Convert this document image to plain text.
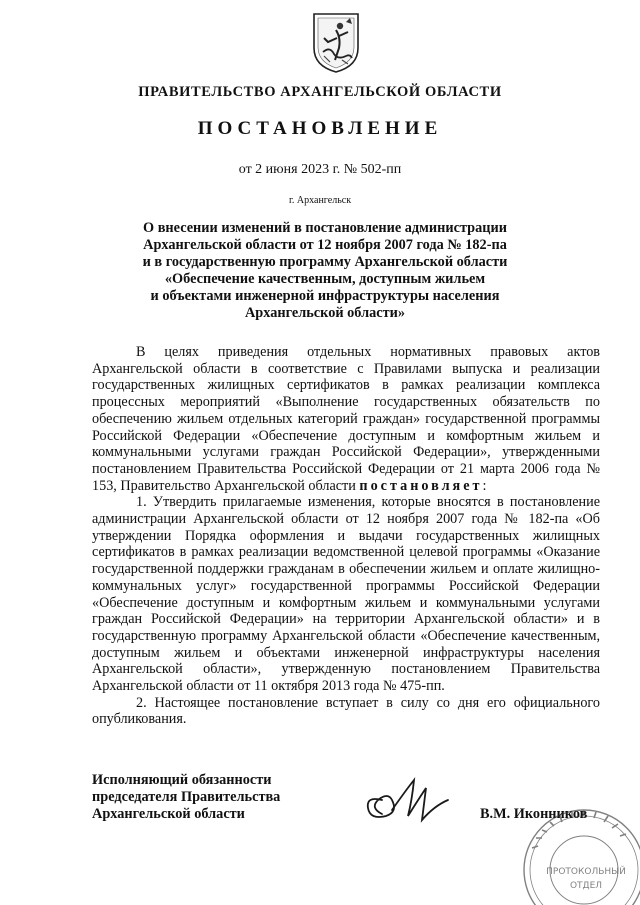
ПРАВИТЕЛЬСТВО АРХАНГЕЛЬСКОЙ ОБЛАСТИ
ПОСТАНОВЛЕНИЕ
от 2 июня 2023 г. № 502-пп
г. Архангельск
О внесении изменений в постановление администрации
Архангельской области от 12 ноября 2007 года № 182-па
и в государственную программу Архангельской области
«Обеспечение качественным, доступным жильем
и объектами инженерной инфраструктуры населения
Архангельской области»

В целях приведения отдельных нормативных правовых актов Архангельской области в соответствие с Правилами выпуска и реализации государственных жилищных сертификатов в рамках реализации комплекса процессных мероприятий «Выполнение государственных обязательств по обеспечению жильем отдельных категорий граждан» государственной программы Российской Федерации «Обеспечение доступным и комфортным жильем и коммунальными услугами граждан Российской Федерации», утвержденными постановлением Правительства Российской Федерации от 21 марта 2006 года № 153, Правительство Архангельской области постановляет:

1. Утвердить прилагаемые изменения, которые вносятся в постановление администрации Архангельской области от 12 ноября 2007 года № 182-па «Об утверждении Порядка оформления и выдачи государственных жилищных сертификатов в рамках реализации ведомственной целевой программы «Оказание государственной поддержки гражданам в обеспечении жильем и оплате жилищно-коммунальных услуг» государственной программы Российской Федерации «Обеспечение доступным и комфортным жильем и коммунальными услугами граждан Российской Федерации» на территории Архангельской области» и в государственную программу Архангельской области «Обеспечение качественным, доступным жильем и объектами инженерной инфраструктуры населения Архангельской области», утвержденную постановлением Правительства Архангельской области от 11 октября 2013 года № 475-пп.

2. Настоящее постановление вступает в силу со дня его официального опубликования.

Исполняющий обязанности
председателя Правительства
Архангельской области	В.М. Иконников
ПРОТОКОЛЬНЫЙ
ОТДЕЛ
